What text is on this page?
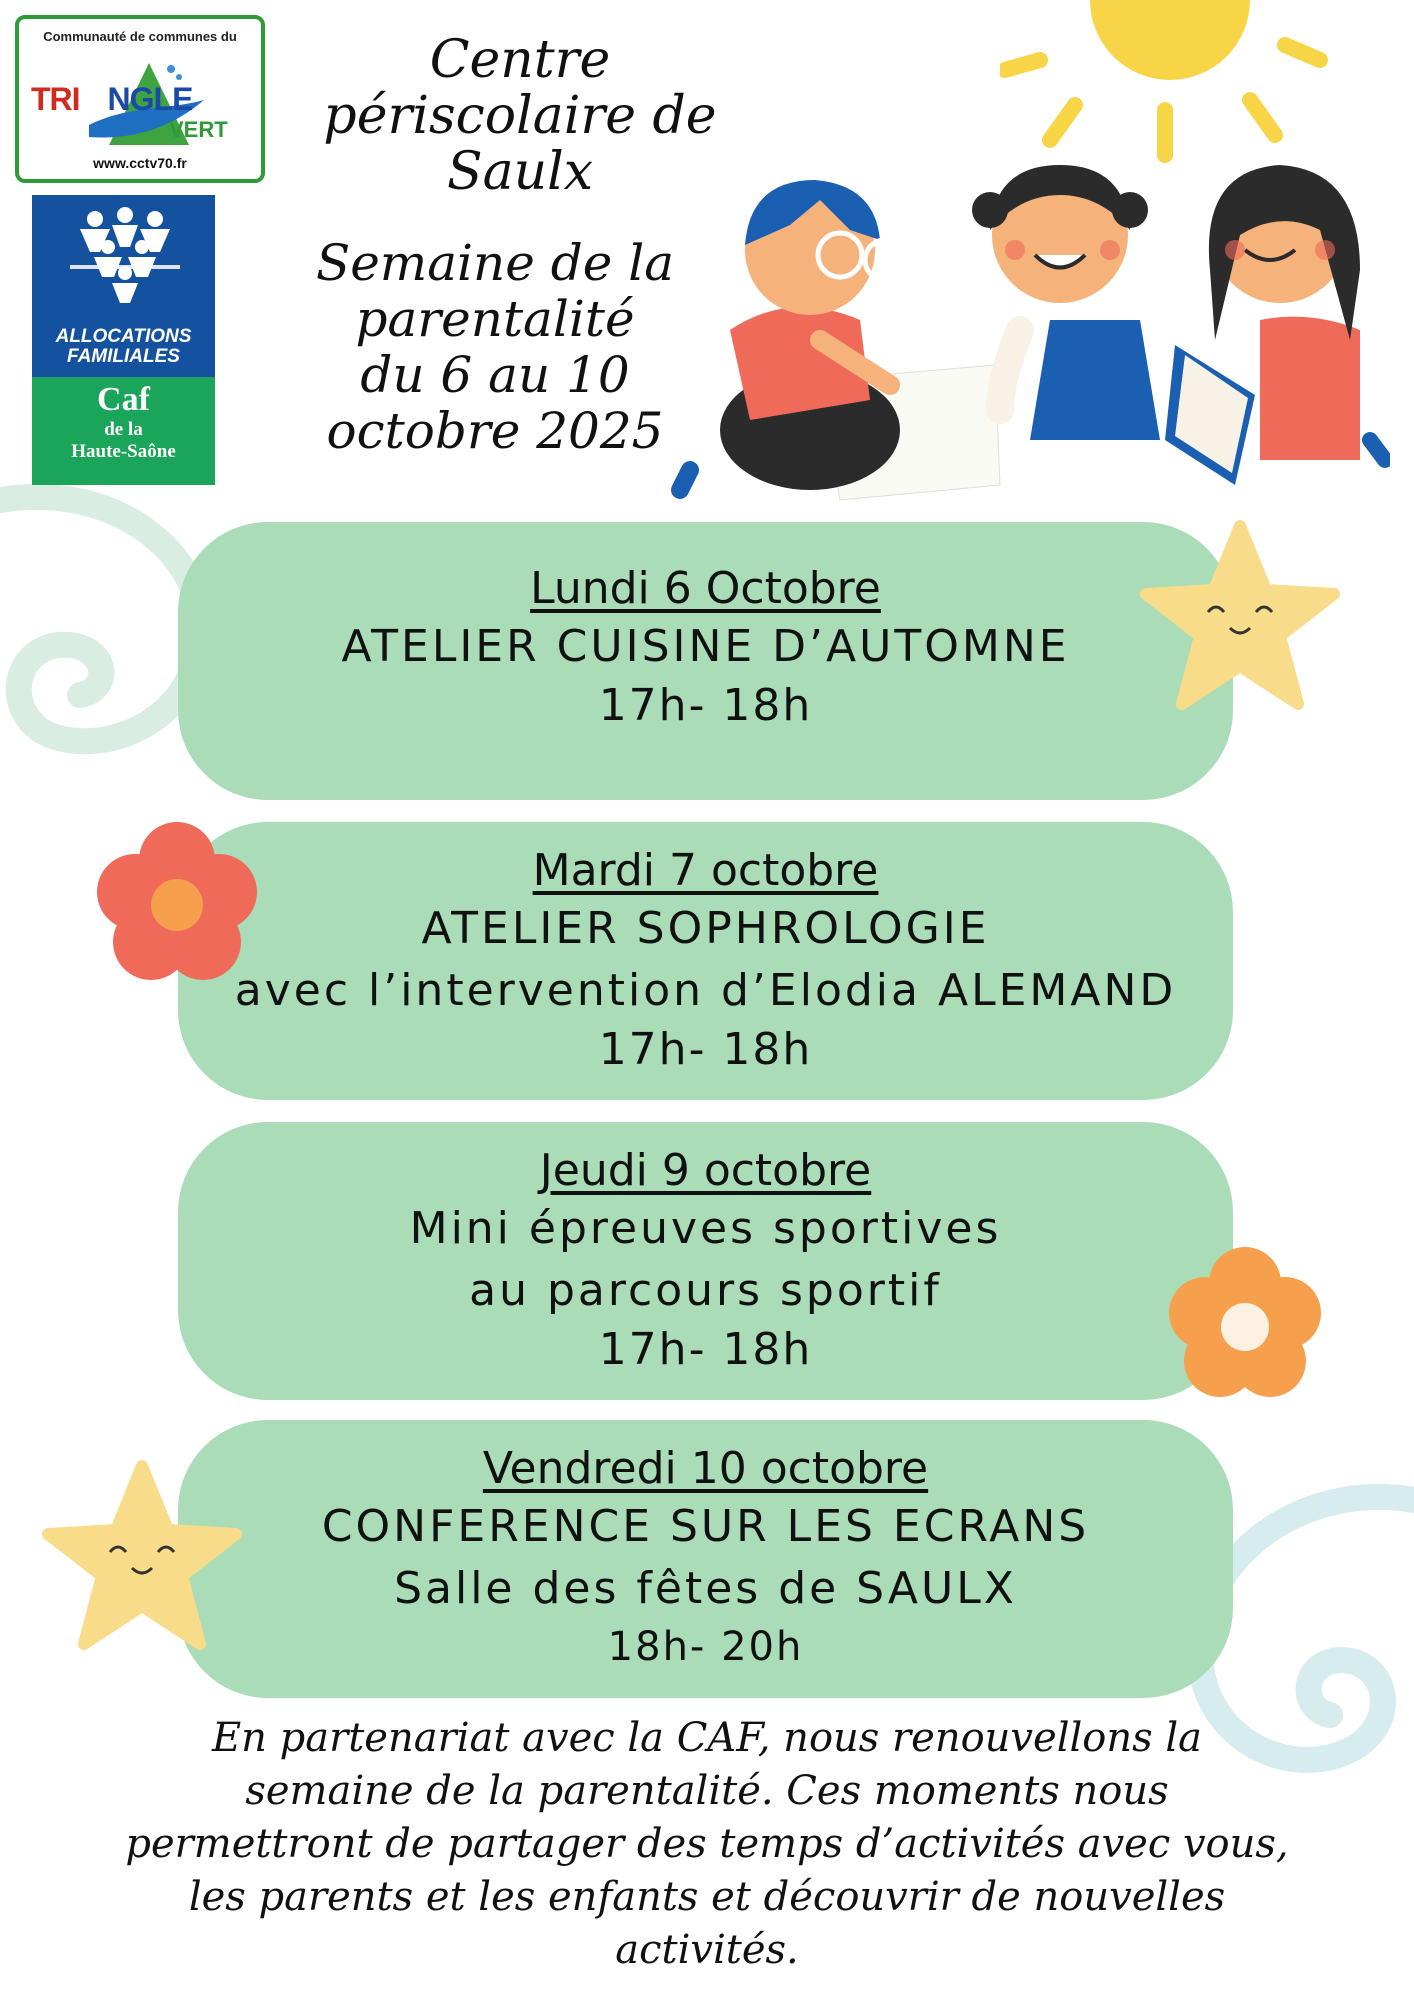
Communauté de communes du
TRI NGLE
VERT
www.cctv70.fr
ALLOCATIONS
FAMILIALES
Caf
de la
Haute-Saône
Centre
périscolaire de
Saulx
Semaine de la
parentalité
du 6 au 10
octobre 2025
Lundi 6 Octobre
ATELIER CUISINE D’AUTOMNE
17h- 18h
Mardi 7 octobre
ATELIER SOPHROLOGIE
avec l’intervention d’Elodia ALEMAND
17h- 18h
Jeudi 9 octobre
Mini épreuves sportives
au parcours sportif
17h- 18h
Vendredi 10 octobre
CONFERENCE SUR LES ECRANS
Salle des fêtes de SAULX
18h- 20h
En partenariat avec la CAF, nous renouvellons la
semaine de la parentalité. Ces moments nous
permettront de partager des temps d’activités avec vous,
les parents et les enfants et découvrir de nouvelles
activités.
